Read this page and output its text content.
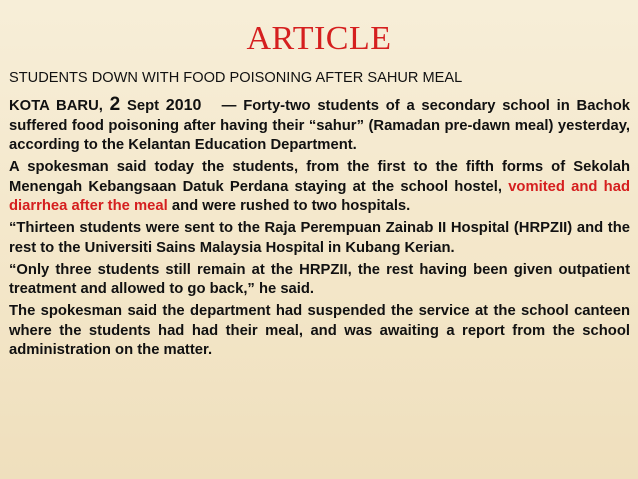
ARTICLE
STUDENTS DOWN WITH FOOD POISONING AFTER SAHUR MEAL

KOTA BARU, 2 Sept 2010   — Forty-two students of a secondary school in Bachok suffered food poisoning after having their “sahur” (Ramadan pre-dawn meal) yesterday, according to the Kelantan Education Department.

A spokesman said today the students, from the first to the fifth forms of Sekolah Menengah Kebangsaan Datuk Perdana staying at the school hostel, vomited and had diarrhea after the meal and were rushed to two hospitals.

“Thirteen students were sent to the Raja Perempuan Zainab II Hospital (HRPZII) and the rest to the Universiti Sains Malaysia Hospital in Kubang Kerian.

“Only three students still remain at the HRPZII, the rest having been given outpatient treatment and allowed to go back,” he said.

The spokesman said the department had suspended the service at the school canteen where the students had had their meal, and was awaiting a report from the school administration on the matter.
